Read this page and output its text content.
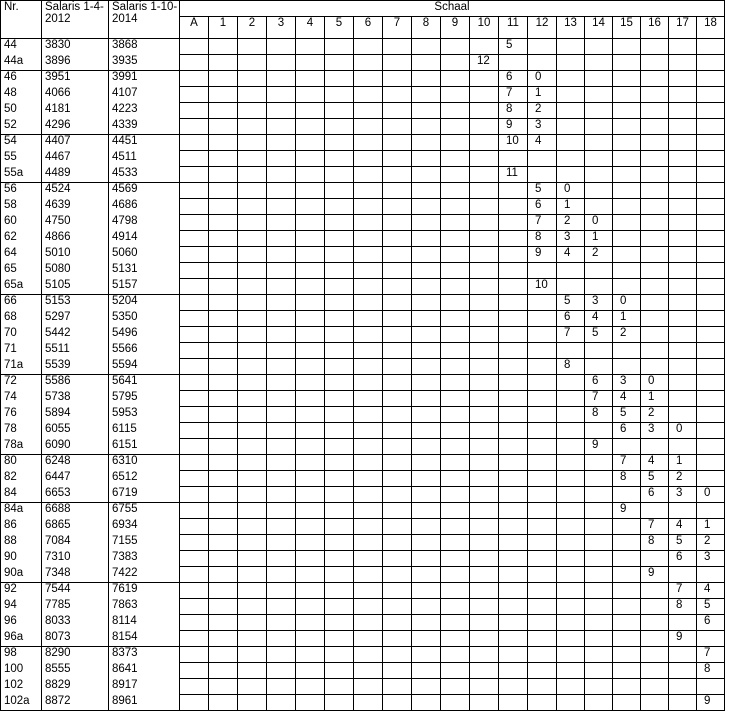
Nr.	Salaris 1-4-2012	Salaris 1-10-2014	Schaal																		
			A	1	2	3	4	5	6	7	8	9	10	11	12	13	14	15	16	17	18
44	3830	3868												5							
44a	3896	3935											12								
46	3951	3991												6	0						
48	4066	4107												7	1						
50	4181	4223												8	2						
52	4296	4339												9	3						
54	4407	4451												10	4						
55	4467	4511																			
55a	4489	4533												11							
56	4524	4569													5	0					
58	4639	4686													6	1					
60	4750	4798													7	2	0				
62	4866	4914													8	3	1				
64	5010	5060													9	4	2				
65	5080	5131																			
65a	5105	5157													10						
66	5153	5204														5	3	0			
68	5297	5350														6	4	1			
70	5442	5496														7	5	2			
71	5511	5566																			
71a	5539	5594														8					
72	5586	5641															6	3	0		
74	5738	5795															7	4	1		
76	5894	5953															8	5	2		
78	6055	6115																6	3	0	
78a	6090	6151															9				
80	6248	6310																7	4	1	
82	6447	6512																8	5	2	
84	6653	6719																	6	3	0
84a	6688	6755																9			
86	6865	6934																	7	4	1
88	7084	7155																	8	5	2
90	7310	7383																		6	3
90a	7348	7422																	9		
92	7544	7619																		7	4
94	7785	7863																		8	5
96	8033	8114																			6
96a	8073	8154																		9	
98	8290	8373																			7
100	8555	8641																			8
102	8829	8917																			
102a	8872	8961																			9
